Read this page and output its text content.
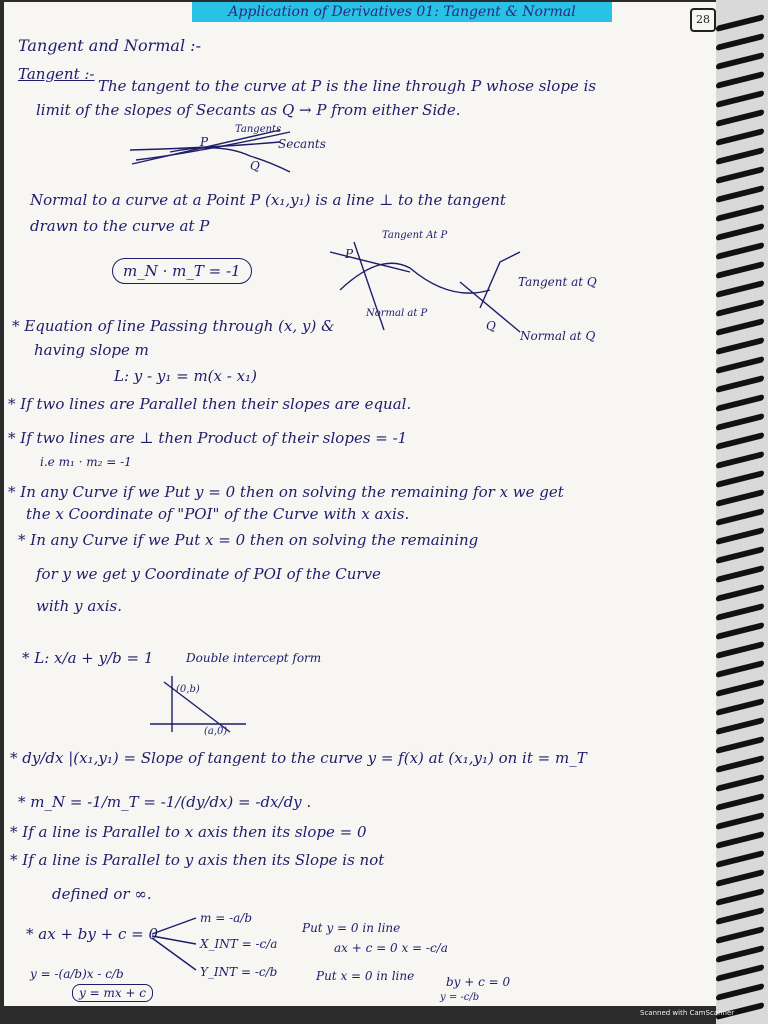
Application of Derivatives 01: Tangent & Normal	28
Tangent and Normal :-
Tangent :-
The tangent to the curve at P is the line through P whose slope is
limit of the slopes of Secants as Q → P from either Side.
P
Q
Tangents
Secants
Normal to a curve at a Point P (x₁,y₁) is a line ⊥ to the tangent
drawn to the curve at P
m_N · m_T = -1
Tangent At P
P
Normal at P
Q
Tangent at Q
Normal at Q
* Equation of line Passing through (x, y) &
having slope m
L: y - y₁ = m(x - x₁)
* If two lines are Parallel then their slopes are equal.
* If two lines are ⊥ then Product of their slopes = -1
i.e m₁ · m₂ = -1
* In any Curve if we Put y = 0 then on solving the remaining for x we get
the x Coordinate of "POI" of the Curve with x axis.
* In any Curve if we Put x = 0 then on solving the remaining
for y we get y Coordinate of POI of the Curve
with y axis.
* L: x/a + y/b = 1	Double intercept form
(0,b)
(a,0)
* dy/dx |(x₁,y₁) = Slope of tangent to the curve y = f(x) at (x₁,y₁) on it = m_T
* m_N = -1/m_T = -1/(dy/dx) = -dx/dy .
* If a line is Parallel to x axis then its slope = 0
* If a line is Parallel to y axis then its Slope is not
defined or ∞.
* ax + by + c = 0
m = -a/b
X_INT = -c/a
Y_INT = -c/b
Put y = 0 in line
ax + c = 0 x = -c/a
Put x = 0 in line	by + c = 0
y = -c/b
y = -(a/b)x - c/b
y = mx + c
Scanned with CamScanner
